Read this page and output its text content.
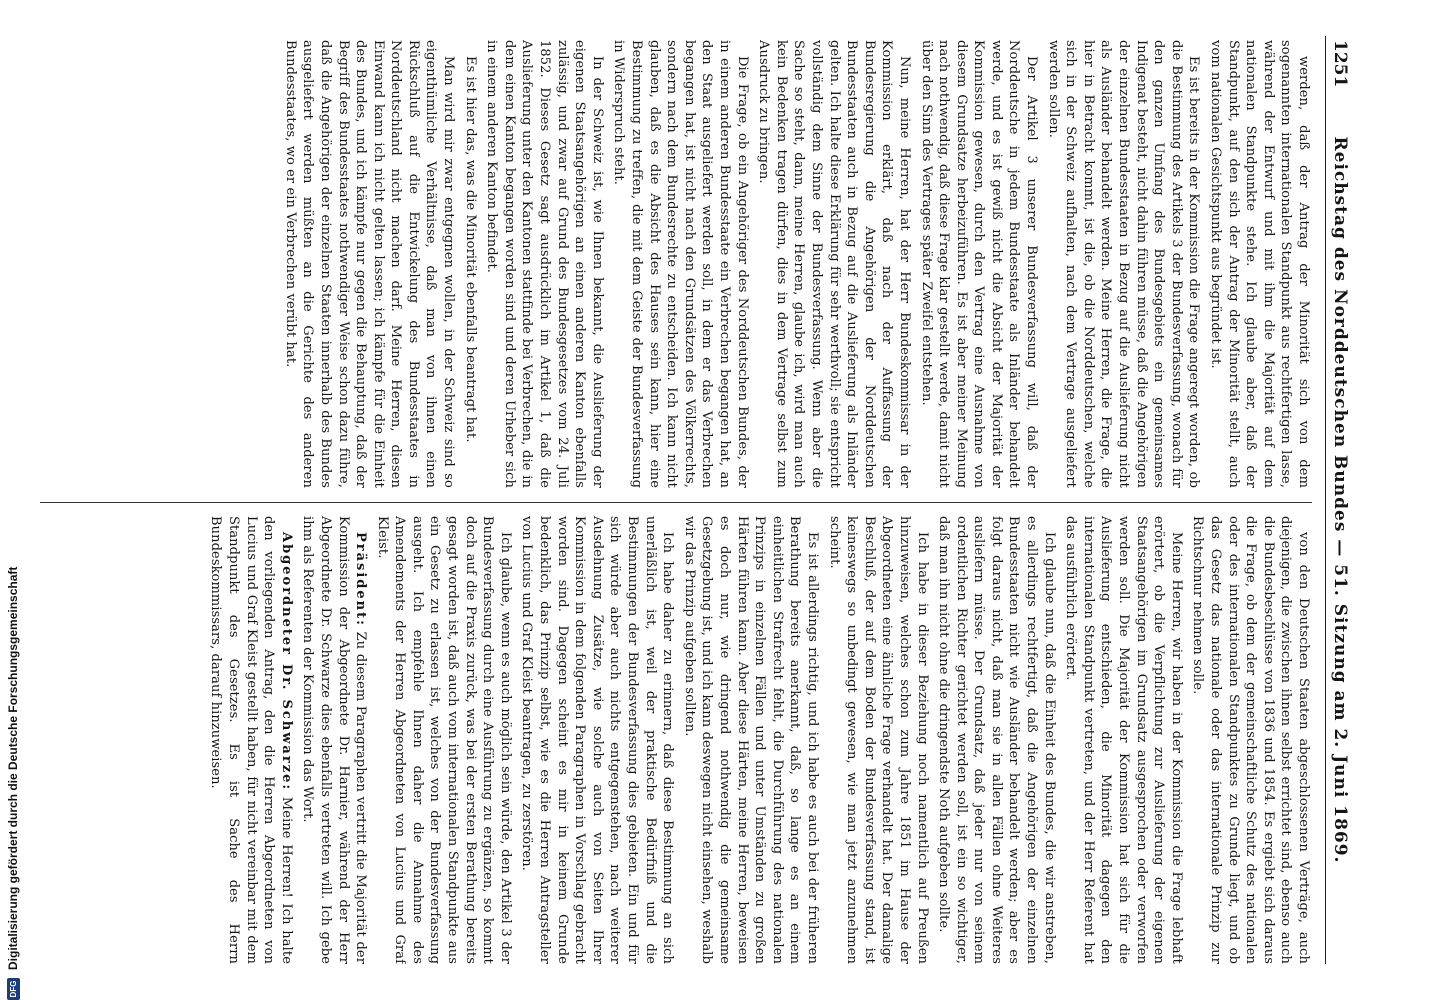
DFG
Digitalisierung gefördert durch die Deutsche Forschungsgemeinschaft
1251
Reichstag des Norddeutschen Bundes — 51. Sitzung am 2. Juni 1869.

werden, daß der Antrag der Minorität sich von dem sogenannten internationalen Standpunkt aus rechtfertigen lasse, während der Entwurf und mit ihm die Majorität auf dem nationalen Standpunkte stehe. Ich glaube aber, daß der Standpunkt, auf den sich der Antrag der Minorität stellt, auch vom nationalen Gesichtspunkt aus begründet ist.

Es ist bereits in der Kommission die Frage angeregt worden, ob die Bestimmung des Artikels 3 der Bundesverfassung, wonach für den ganzen Umfang des Bundesgebiets ein gemeinsames Indigenat besteht, nicht dahin führen müsse, daß die Angehörigen der einzelnen Bundesstaaten in Bezug auf die Auslieferung nicht als Ausländer behandelt werden. Meine Herren, die Frage, die hier in Betracht kommt, ist die, ob die Norddeutschen, welche sich in der Schweiz aufhalten, nach dem Vertrage ausgeliefert werden sollen.

Der Artikel 3 unserer Bundesverfassung will, daß der Norddeutsche in jedem Bundesstaate als Inländer behandelt werde, und es ist gewiß nicht die Absicht der Majorität der Kommission gewesen, durch den Vertrag eine Ausnahme von diesem Grundsatze herbeizuführen. Es ist aber meiner Meinung nach nothwendig, daß diese Frage klar gestellt werde, damit nicht über den Sinn des Vertrages später Zweifel entstehen.

Nun, meine Herren, hat der Herr Bundeskommissar in der Kommission erklärt, daß nach der Auffassung der Bundesregierung die Angehörigen der Norddeutschen Bundesstaaten auch in Bezug auf die Auslieferung als Inländer gelten. Ich halte diese Erklärung für sehr werthvoll; sie entspricht vollständig dem Sinne der Bundesverfassung. Wenn aber die Sache so steht, dann, meine Herren, glaube ich, wird man auch kein Bedenken tragen dürfen, dies in dem Vertrage selbst zum Ausdruck zu bringen.

Die Frage, ob ein Angehöriger des Norddeutschen Bundes, der in einem anderen Bundesstaate ein Verbrechen begangen hat, an den Staat ausgeliefert werden soll, in dem er das Verbrechen begangen hat, ist nicht nach den Grundsätzen des Völkerrechts, sondern nach dem Bundesrechte zu entscheiden. Ich kann nicht glauben, daß es die Absicht des Hauses sein kann, hier eine Bestimmung zu treffen, die mit dem Geiste der Bundesverfassung in Widerspruch steht.

In der Schweiz ist, wie Ihnen bekannt, die Auslieferung der eigenen Staatsangehörigen an einen anderen Kanton ebenfalls zulässig, und zwar auf Grund des Bundesgesetzes vom 24. Juli 1852. Dieses Gesetz sagt ausdrücklich im Artikel 1, daß die Auslieferung unter den Kantonen stattfinde bei Verbrechen, die in dem einen Kanton begangen worden sind und deren Urheber sich in einem anderen Kanton befindet.

Es ist hier das, was die Minorität ebenfalls beantragt hat.

Man wird mir zwar entgegnen wollen, in der Schweiz sind so eigenthümliche Verhältnisse, daß man von ihnen einen Rückschluß auf die Entwickelung des Bundesstaates in Norddeutschland nicht machen darf. Meine Herren, diesen Einwand kann ich nicht gelten lassen; ich kämpfe für die Einheit des Bundes, und ich kämpfe nur gegen die Behauptung, daß der Begriff des Bundesstaates nothwendiger Weise schon dazu führe, daß die Angehörigen der einzelnen Staaten innerhalb des Bundes ausgeliefert werden müßten an die Gerichte des anderen Bundesstaates, wo er ein Verbrechen verübt hat.

von den Deutschen Staaten abgeschlossenen Verträge, auch diejenigen, die zwischen ihnen selbst errichtet sind, ebenso auch die Bundesbeschlüsse von 1836 und 1854. Es ergiebt sich daraus die Frage, ob dem der gemeinschaftliche Schutz des nationalen oder des internationalen Standpunktes zu Grunde liegt, und ob das Gesetz das nationale oder das internationale Prinzip zur Richtschnur nehmen solle.

Meine Herren, wir haben in der Kommission die Frage lebhaft erörtert, ob die Verpflichtung zur Auslieferung der eigenen Staatsangehörigen im Grundsatz ausgesprochen oder verworfen werden soll. Die Majorität der Kommission hat sich für die Auslieferung entschieden, die Minorität dagegen den internationalen Standpunkt vertreten, und der Herr Referent hat das ausführlich erörtert.

Ich glaube nun, daß die Einheit des Bundes, die wir anstreben, es allerdings rechtfertigt, daß die Angehörigen der einzelnen Bundesstaaten nicht wie Ausländer behandelt werden; aber es folgt daraus nicht, daß man sie in allen Fällen ohne Weiteres ausliefern müsse. Der Grundsatz, daß jeder nur von seinem ordentlichen Richter gerichtet werden soll, ist ein so wichtiger, daß man ihn nicht ohne die dringendste Noth aufgeben sollte.

Ich habe in dieser Beziehung noch namentlich auf Preußen hinzuweisen, welches schon zum Jahre 1851 im Hause der Abgeordneten eine ähnliche Frage verhandelt hat. Der damalige Beschluß, der auf dem Boden der Bundesverfassung stand, ist keineswegs so unbedingt gewesen, wie man jetzt anzunehmen scheint.

Es ist allerdings richtig, und ich habe es auch bei der früheren Berathung bereits anerkannt, daß, so lange es an einem einheitlichen Strafrecht fehlt, die Durchführung des nationalen Prinzips in einzelnen Fällen und unter Umständen zu großen Härten führen kann. Aber diese Härten, meine Herren, beweisen es doch nur, wie dringend nothwendig die gemeinsame Gesetzgebung ist, und ich kann deswegen nicht einsehen, weshalb wir das Prinzip aufgeben sollten.

Ich habe daher zu erinnern, daß diese Bestimmung an sich unerläßlich ist, weil der praktische Bedürfniß und die Bestimmungen der Bundesverfassung dies gebieten. Ein und für sich würde aber auch nichts entgegenstehen, nach weiterer Ausdehnung Zusätze, wie solche auch von Seiten Ihrer Kommission in dem folgenden Paragraphen in Vorschlag gebracht worden sind. Dagegen scheint es mir in keinem Grunde bedenklich, das Prinzip selbst, wie es die Herren Antragsteller von Lucius und Graf Kleist beantragen, zu zerstören.

Ich glaube, wenn es auch möglich sein würde, den Artikel 3 der Bundesverfassung durch eine Ausführung zu ergänzen, so kommt doch auf die Praxis zurück, was bei der ersten Berathung bereits gesagt worden ist, daß auch vom internationalen Standpunkte aus ein Gesetz zu erlassen ist, welches von der Bundesverfassung ausgeht. Ich empfehle Ihnen daher die Annahme des Amendements der Herren Abgeordneten von Lucius und Graf Kleist.

Präsident: Zu diesem Paragraphen vertritt die Majorität der Kommission der Abgeordnete Dr. Harnier, während der Herr Abgeordnete Dr. Schwarze dies ebenfalls vertreten will. Ich gebe ihm als Referenten der Kommission das Wort.

Abgeordneter Dr. Schwarze: Meine Herren! Ich halte den vorliegenden Antrag, den die Herren Abgeordneten von Lucius und Graf Kleist gestellt haben, für nicht vereinbar mit dem Standpunkt des Gesetzes. Es ist Sache des Herrn Bundeskommissars, darauf hinzuweisen.
